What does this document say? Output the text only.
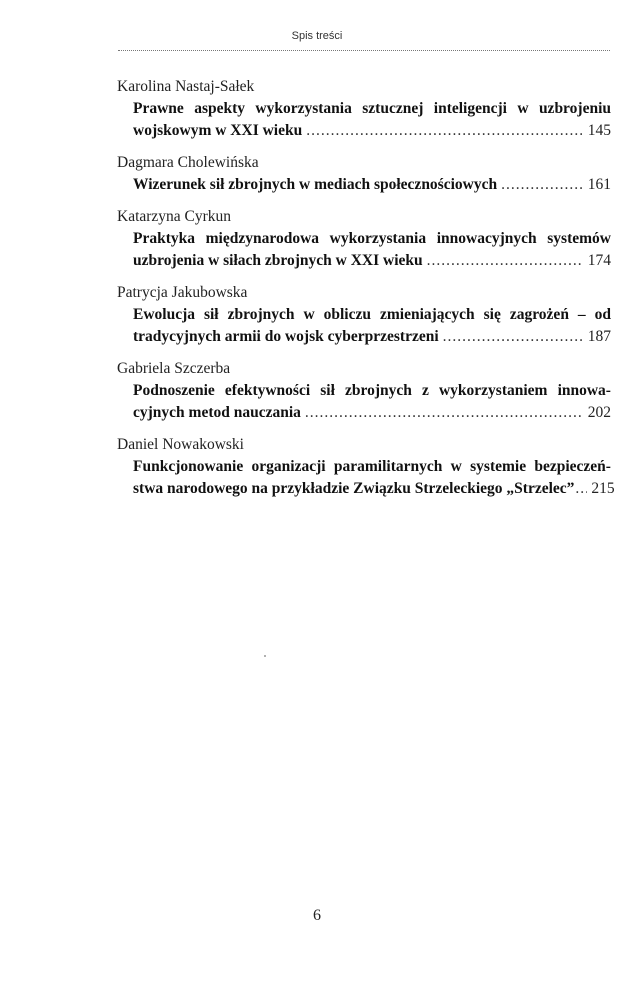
Spis treści
Karolina Nastaj-Sałek
Prawne aspekty wykorzystania sztucznej inteligencji w uzbrojeniu
wojskowym w XXI wieku .....	145
Dagmara Cholewińska
Wizerunek sił zbrojnych w mediach społecznościowych .....	161
Katarzyna Cyrkun
Praktyka międzynarodowa wykorzystania innowacyjnych systemów
uzbrojenia w siłach zbrojnych w XXI wieku .....	174
Patrycja Jakubowska
Ewolucja sił zbrojnych w obliczu zmieniających się zagrożeń – od
tradycyjnych armii do wojsk cyberprzestrzeni .....	187
Gabriela Szczerba
Podnoszenie efektywności sił zbrojnych z wykorzystaniem innowa-
cyjnych metod nauczania .....	202
Daniel Nowakowski
Funkcjonowanie organizacji paramilitarnych w systemie bezpieczeń-
stwa narodowego na przykładzie Związku Strzeleckiego „Strzelec” ..... 215
6
